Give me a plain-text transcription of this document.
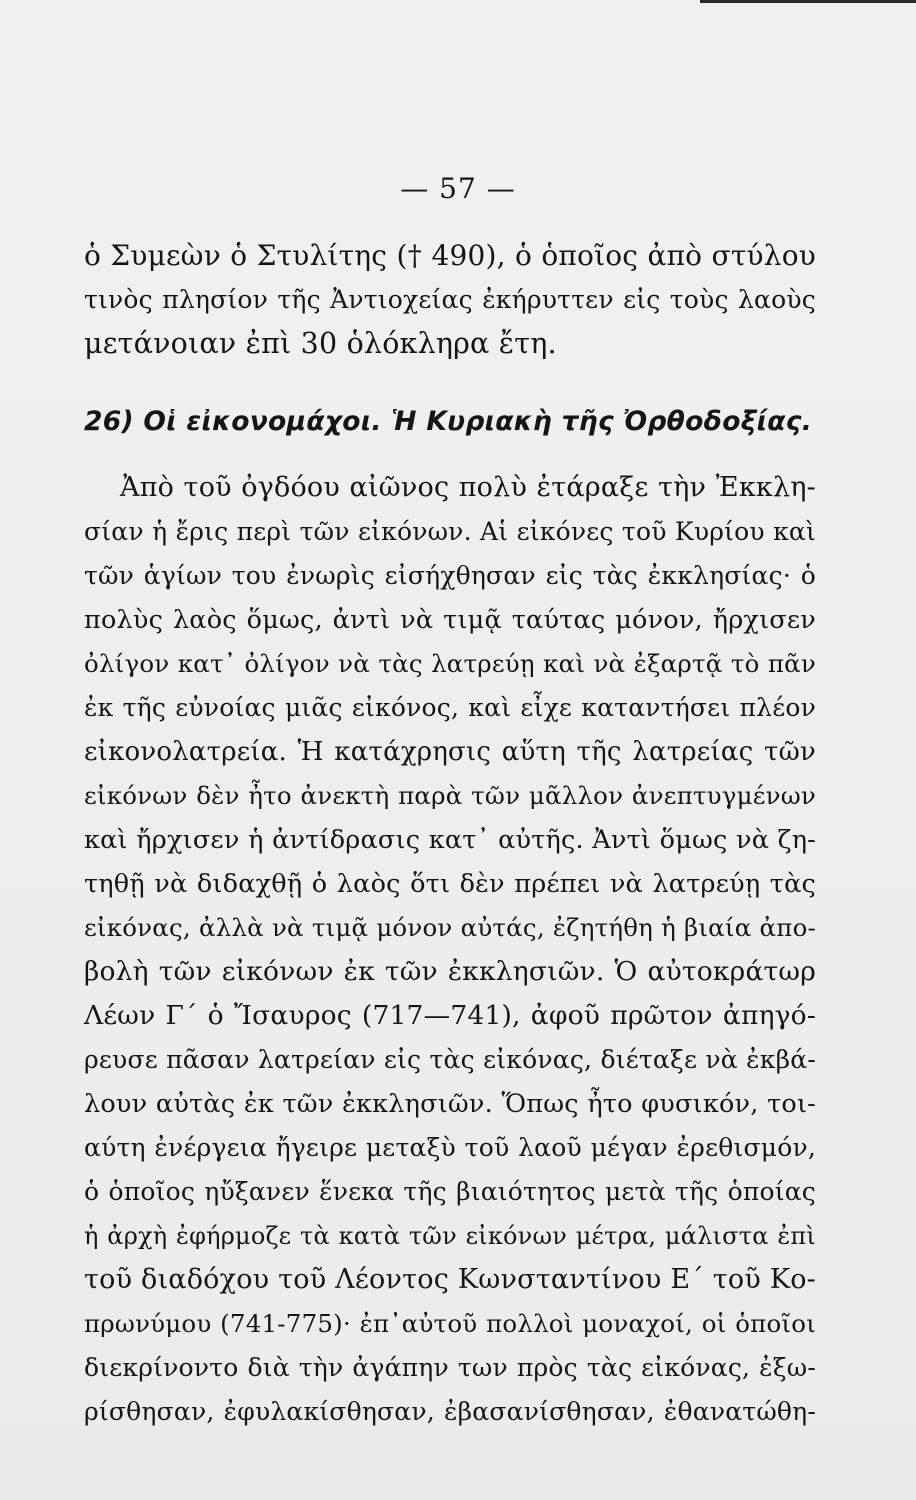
— 57 —
ὁ Συμεὼν ὁ Στυλίτης († 490), ὁ ὁποῖος ἀπὸ στύλου
τινὸς πλησίον τῆς Ἀντιοχείας ἐκήρυττεν εἰς τοὺς λαοὺς
μετάνοιαν ἐπὶ 30 ὁλόκληρα ἔτη.
26) Οἱ εἰκονομάχοι. Ἡ Κυριακὴ τῆς Ὀρθοδοξίας.
Ἀπὸ τοῦ ὀγδόου αἰῶνος πολὺ ἐτάραξε τὴν Ἐκκλη-
σίαν ἡ ἔρις περὶ τῶν εἰκόνων. Αἱ εἰκόνες τοῦ Κυρίου καὶ
τῶν ἁγίων του ἐνωρὶς εἰσήχθησαν εἰς τὰς ἐκκλησίας· ὁ
πολὺς λαὸς ὅμως, ἀντὶ νὰ τιμᾷ ταύτας μόνον, ἤρχισεν
ὀλίγον κατ᾽ ὀλίγον νὰ τὰς λατρεύῃ καὶ νὰ ἐξαρτᾷ τὸ πᾶν
ἐκ τῆς εὐνοίας μιᾶς εἰκόνος, καὶ εἶχε καταντήσει πλέον
εἰκονολατρεία. Ἡ κατάχρησις αὕτη τῆς λατρείας τῶν
εἰκόνων δὲν ἦτο ἀνεκτὴ παρὰ τῶν μᾶλλον ἀνεπτυγμένων
καὶ ἤρχισεν ἡ ἀντίδρασις κατ᾽ αὐτῆς. Ἀντὶ ὅμως νὰ ζη-
τηθῇ νὰ διδαχθῇ ὁ λαὸς ὅτι δὲν πρέπει νὰ λατρεύῃ τὰς
εἰκόνας, ἀλλὰ νὰ τιμᾷ μόνον αὐτάς, ἐζητήθη ἡ βιαία ἀπο-
βολὴ τῶν εἰκόνων ἐκ τῶν ἐκκλησιῶν. Ὁ αὐτοκράτωρ
Λέων Γ΄ ὁ Ἴσαυρος (717—741), ἀφοῦ πρῶτον ἀπηγό-
ρευσε πᾶσαν λατρείαν εἰς τὰς εἰκόνας, διέταξε νὰ ἐκβά-
λουν αὐτὰς ἐκ τῶν ἐκκλησιῶν. Ὅπως ἦτο φυσικόν, τοι-
αύτη ἐνέργεια ἤγειρε μεταξὺ τοῦ λαοῦ μέγαν ἐρεθισμόν,
ὁ ὁποῖος ηὔξανεν ἕνεκα τῆς βιαιότητος μετὰ τῆς ὁποίας
ἡ ἀρχὴ ἐφήρμοζε τὰ κατὰ τῶν εἰκόνων μέτρα, μάλιστα ἐπὶ
τοῦ διαδόχου τοῦ Λέοντος Κωνσταντίνου Ε΄ τοῦ Κο-
πρωνύμου (741-775)· ἐπ᾽αὐτοῦ πολλοὶ μοναχοί, οἱ ὁποῖοι
διεκρίνοντο διὰ τὴν ἀγάπην των πρὸς τὰς εἰκόνας, ἐξω-
ρίσθησαν, ἐφυλακίσθησαν, ἐβασανίσθησαν, ἐθανατώθη-
